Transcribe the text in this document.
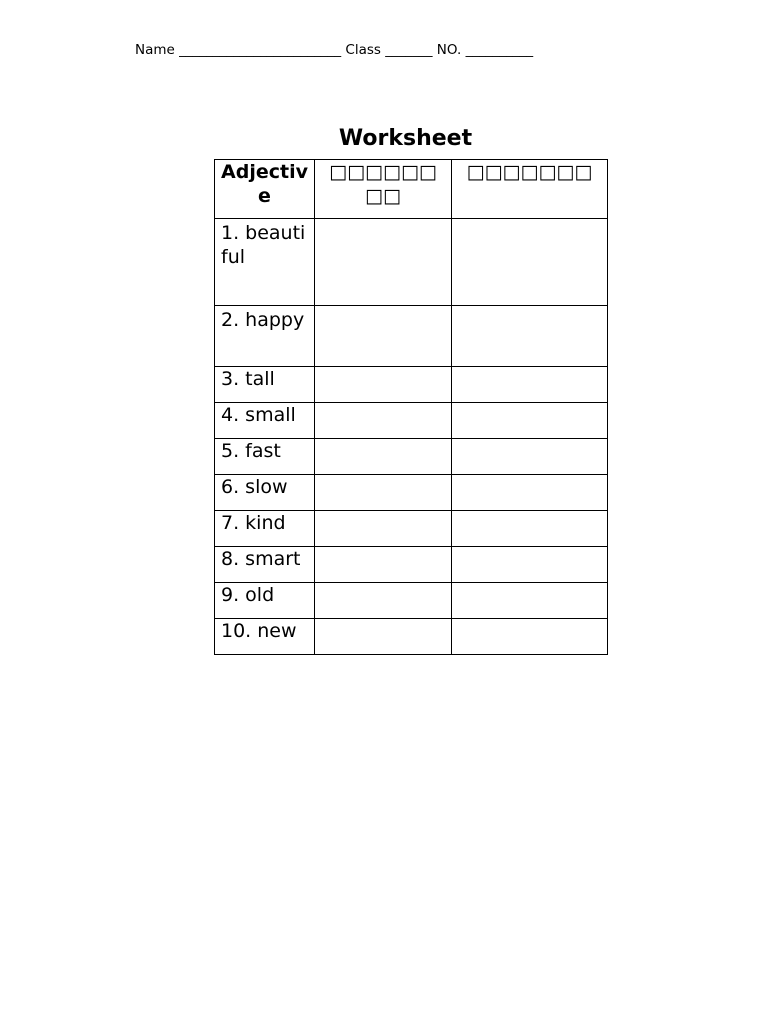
Name ________________________ Class _______ NO. __________
Worksheet
Adjective	□□□□□□□□	□□□□□□□
1. beautiful		
2. happy		
3. tall		
4. small		
5. fast		
6. slow		
7. kind		
8. smart		
9. old		
10. new		
